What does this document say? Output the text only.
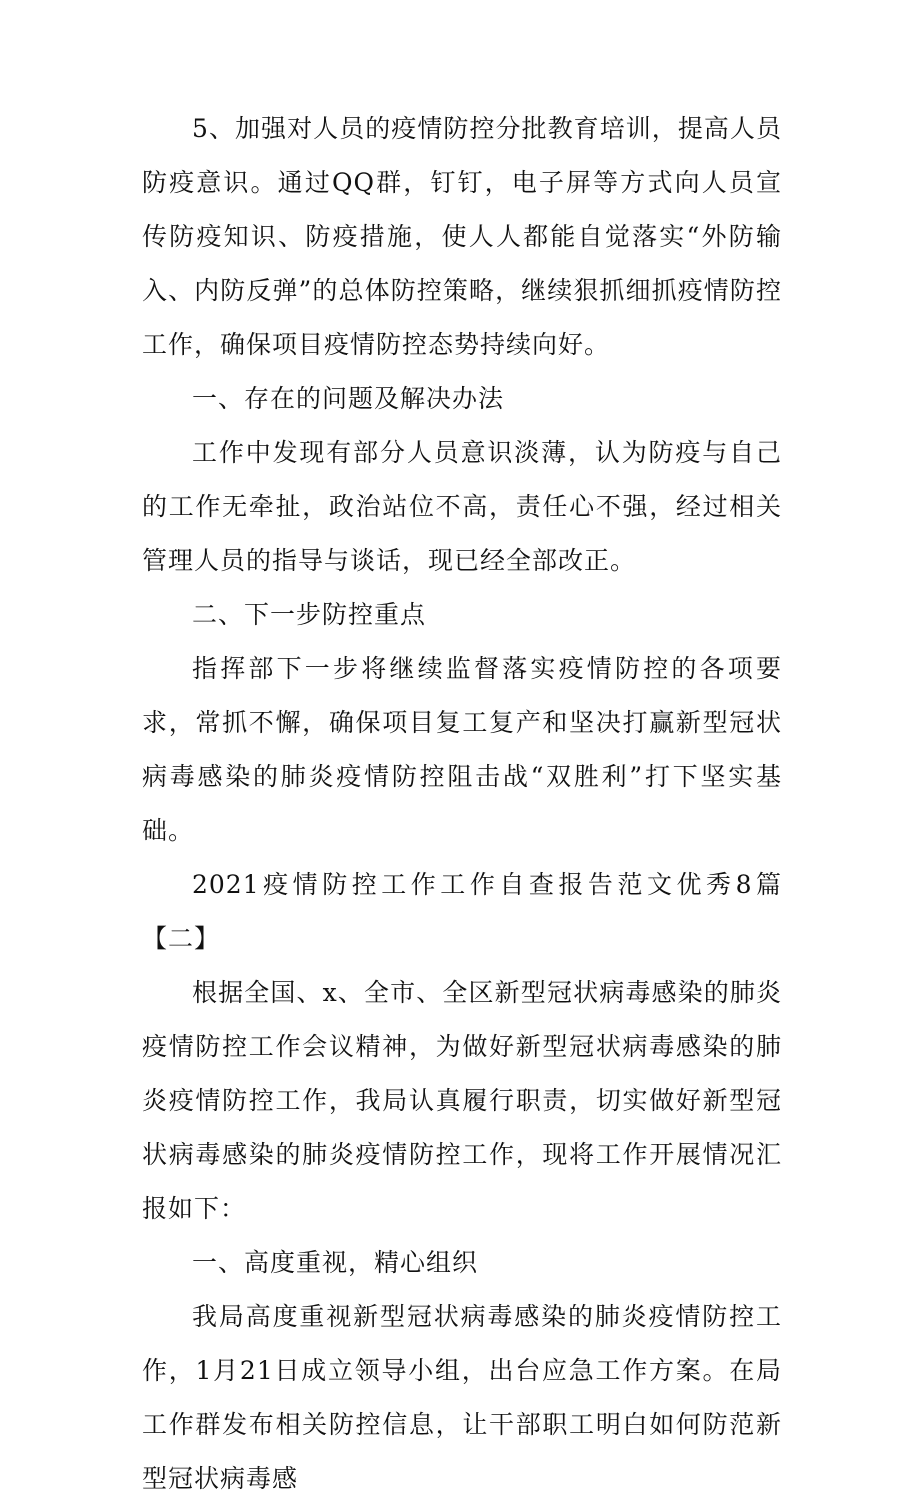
5、加强对人员的疫情防控分批教育培训，提高人员防疫意识。通过QQ群，钉钉，电子屏等方式向人员宣传防疫知识、防疫措施，使人人都能自觉落实“外防输入、内防反弹”的总体防控策略，继续狠抓细抓疫情防控工作，确保项目疫情防控态势持续向好。

一、存在的问题及解决办法

工作中发现有部分人员意识淡薄，认为防疫与自己的工作无牵扯，政治站位不高，责任心不强，经过相关管理人员的指导与谈话，现已经全部改正。

二、下一步防控重点

指挥部下一步将继续监督落实疫情防控的各项要求，常抓不懈，确保项目复工复产和坚决打赢新型冠状病毒感染的肺炎疫情防控阻击战“双胜利”打下坚实基础。

2021疫情防控工作工作自查报告范文优秀8篇【二】

根据全国、x、全市、全区新型冠状病毒感染的肺炎疫情防控工作会议精神，为做好新型冠状病毒感染的肺炎疫情防控工作，我局认真履行职责，切实做好新型冠状病毒感染的肺炎疫情防控工作，现将工作开展情况汇报如下：

一、高度重视，精心组织

我局高度重视新型冠状病毒感染的肺炎疫情防控工作，1月21日成立领导小组，出台应急工作方案。在局工作群发布相关防控信息，让干部职工明白如何防范新型冠状病毒感
